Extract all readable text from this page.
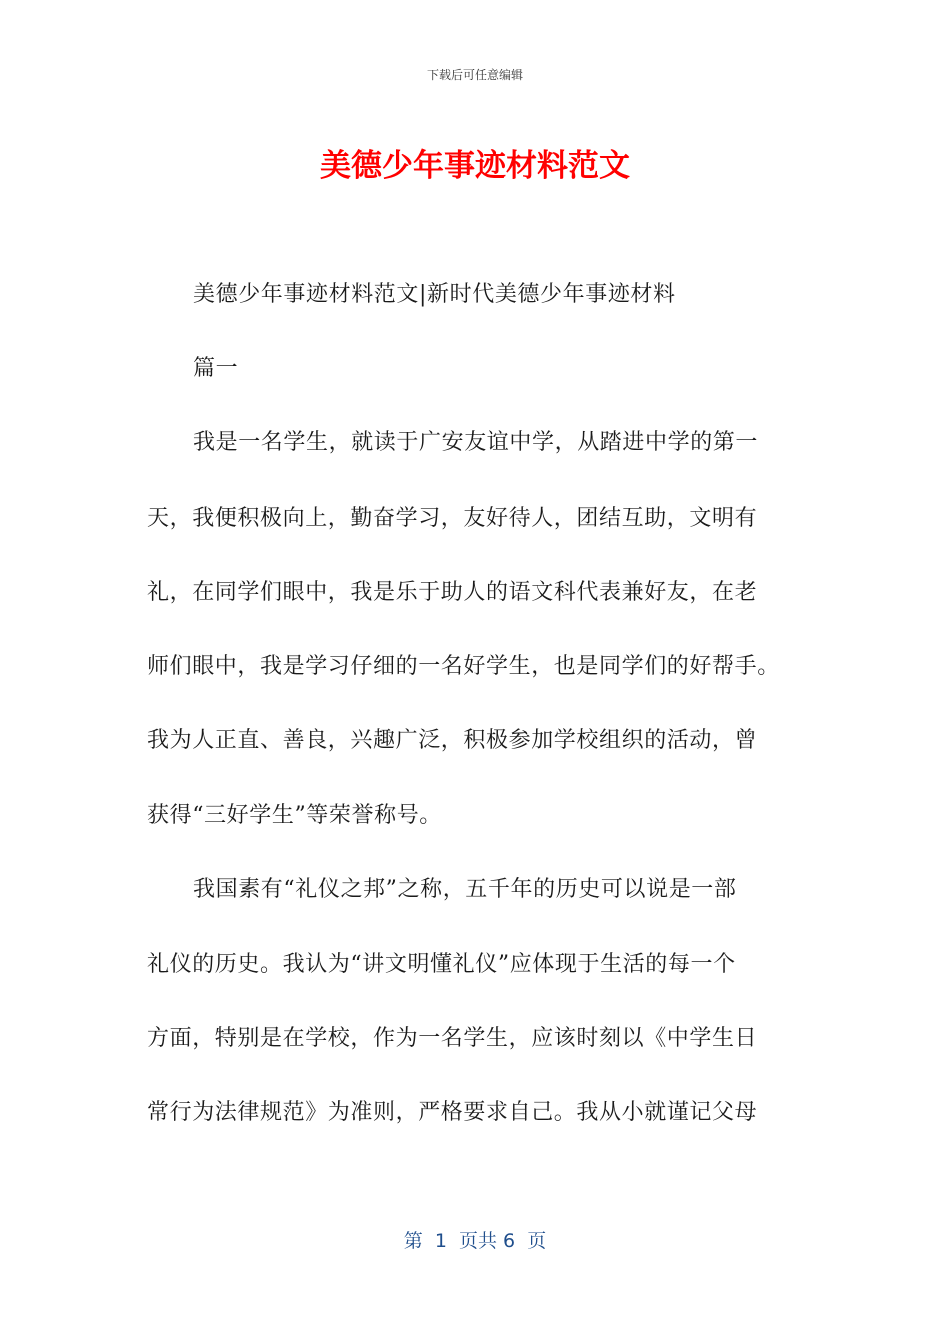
下载后可任意编辑
美德少年事迹材料范文
美德少年事迹材料范文|新时代美德少年事迹材料
篇一
我是一名学生，就读于广安友谊中学，从踏进中学的第一
天，我便积极向上，勤奋学习，友好待人，团结互助，文明有
礼，在同学们眼中，我是乐于助人的语文科代表兼好友，在老
师们眼中，我是学习仔细的一名好学生，也是同学们的好帮手。
我为人正直、善良，兴趣广泛，积极参加学校组织的活动，曾
获得“三好学生”等荣誉称号。
我国素有“礼仪之邦”之称，五千年的历史可以说是一部
礼仪的历史。我认为“讲文明懂礼仪”应体现于生活的每一个
方面，特别是在学校，作为一名学生，应该时刻以《中学生日
常行为法律规范》为准则，严格要求自己。我从小就谨记父母
第  1  页共 6  页
